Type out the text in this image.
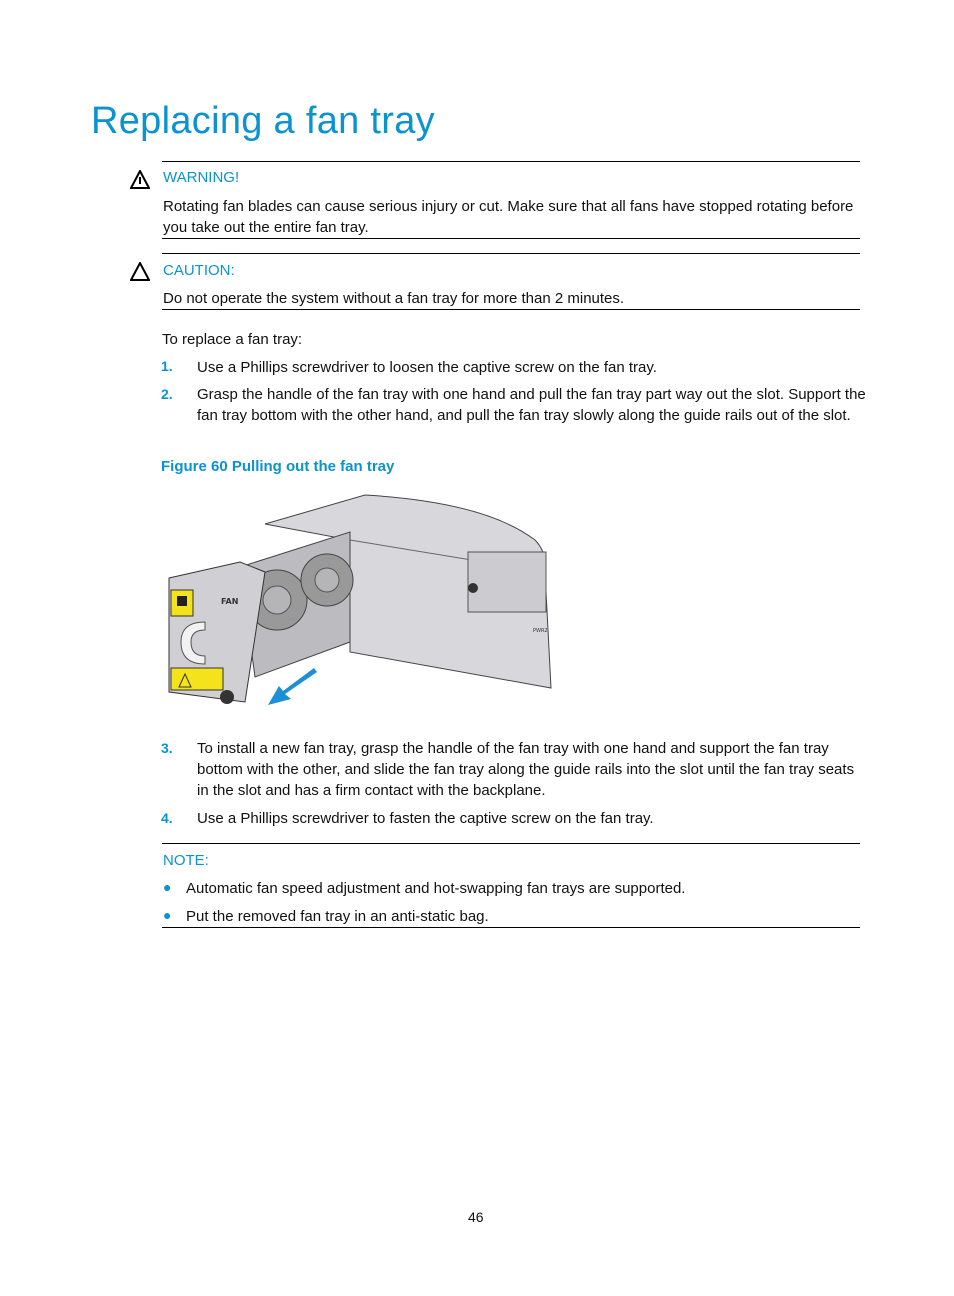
Replacing a fan tray
WARNING!
Rotating fan blades can cause serious injury or cut. Make sure that all fans have stopped rotating before you take out the entire fan tray.
CAUTION:
Do not operate the system without a fan tray for more than 2 minutes.
To replace a fan tray:
1. Use a Phillips screwdriver to loosen the captive screw on the fan tray.
2. Grasp the handle of the fan tray with one hand and pull the fan tray part way out the slot. Support the fan tray bottom with the other hand, and pull the fan tray slowly along the guide rails out of the slot.
Figure 60 Pulling out the fan tray
FAN
PWR2
3. To install a new fan tray, grasp the handle of the fan tray with one hand and support the fan tray bottom with the other, and slide the fan tray along the guide rails into the slot until the fan tray seats in the slot and has a firm contact with the backplane.
4. Use a Phillips screwdriver to fasten the captive screw on the fan tray.
NOTE:
● Automatic fan speed adjustment and hot-swapping fan trays are supported.
● Put the removed fan tray in an anti-static bag.
46
